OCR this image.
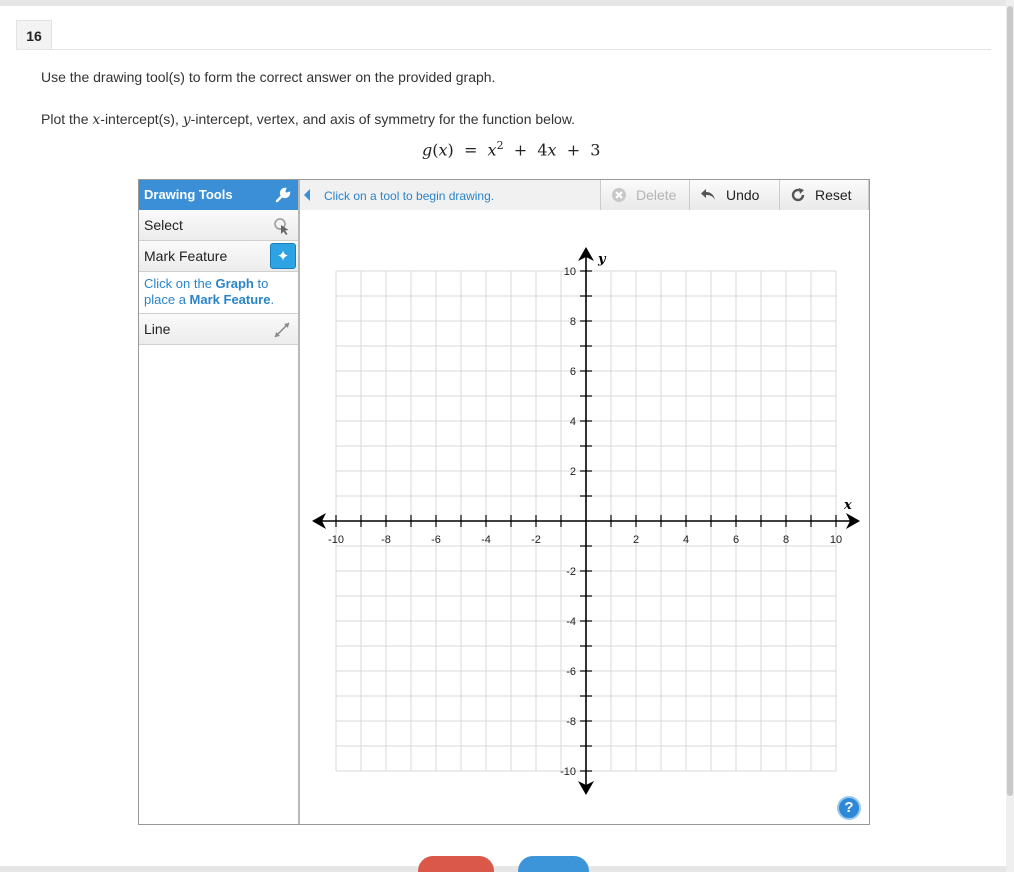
16
Use the drawing tool(s) to form the correct answer on the provided graph.
Plot the x-intercept(s), y-intercept, vertex, and axis of symmetry for the function below.
$g(x) = x^2 + 4x + 3$
Drawing Tools
Select
Mark Feature	✦
Click on the Graph to place a Mark Feature.
Line
Click on a tool to begin drawing.	Delete	Undo	Reset
-10	-8	-6	-4	-2	2	4	6	8	10
10
8
6
4
2
-2
-4
-6
-8
-10
x
y
?
